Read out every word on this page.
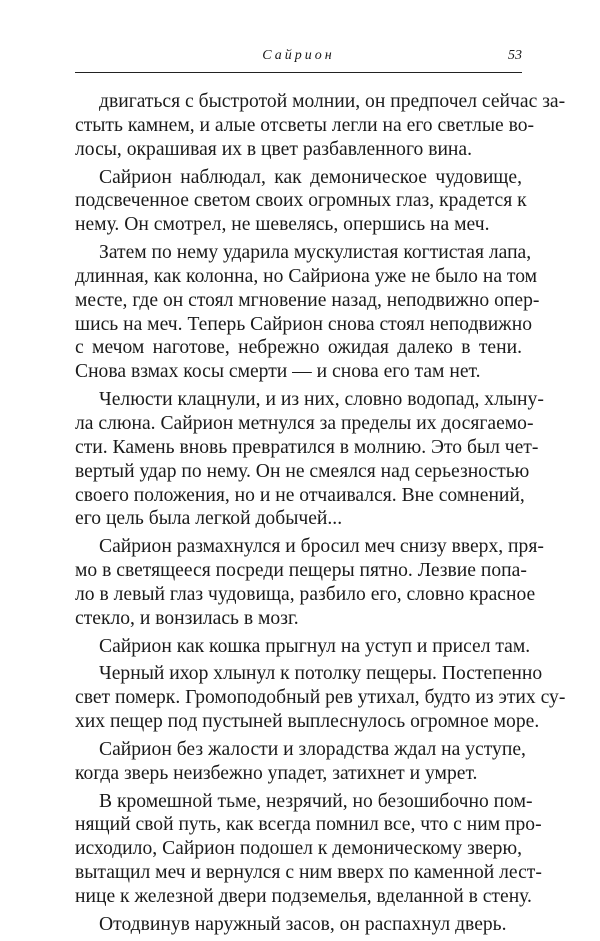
Сайрион	53
двигаться с быстротой молнии, он предпочел сейчас за-
стыть камнем, и алые отсветы легли на его светлые во-
лосы, окрашивая их в цвет разбавленного вина.
Сайрион наблюдал, как демоническое чудовище,
подсвеченное светом своих огромных глаз, крадется к
нему. Он смотрел, не шевелясь, опершись на меч.
Затем по нему ударила мускулистая когтистая лапа,
длинная, как колонна, но Сайриона уже не было на том
месте, где он стоял мгновение назад, неподвижно опер-
шись на меч. Теперь Сайрион снова стоял неподвижно
с мечом наготове, небрежно ожидая далеко в тени.
Снова взмах косы смерти — и снова его там нет.
Челюсти клацнули, и из них, словно водопад, хлыну-
ла слюна. Сайрион метнулся за пределы их досягаемо-
сти. Камень вновь превратился в молнию. Это был чет-
вертый удар по нему. Он не смеялся над серьезностью
своего положения, но и не отчаивался. Вне сомнений,
его цель была легкой добычей...
Сайрион размахнулся и бросил меч снизу вверх, пря-
мо в светящееся посреди пещеры пятно. Лезвие попа-
ло в левый глаз чудовища, разбило его, словно красное
стекло, и вонзилась в мозг.
Сайрион как кошка прыгнул на уступ и присел там.
Черный ихор хлынул к потолку пещеры. Постепенно
свет померк. Громоподобный рев утихал, будто из этих су-
хих пещер под пустыней выплеснулось огромное море.
Сайрион без жалости и злорадства ждал на уступе,
когда зверь неизбежно упадет, затихнет и умрет.
В кромешной тьме, незрячий, но безошибочно пом-
нящий свой путь, как всегда помнил все, что с ним про-
исходило, Сайрион подошел к демоническому зверю,
вытащил меч и вернулся с ним вверх по каменной лест-
нице к железной двери подземелья, вделанной в стену.
Отодвинув наружный засов, он распахнул дверь.
